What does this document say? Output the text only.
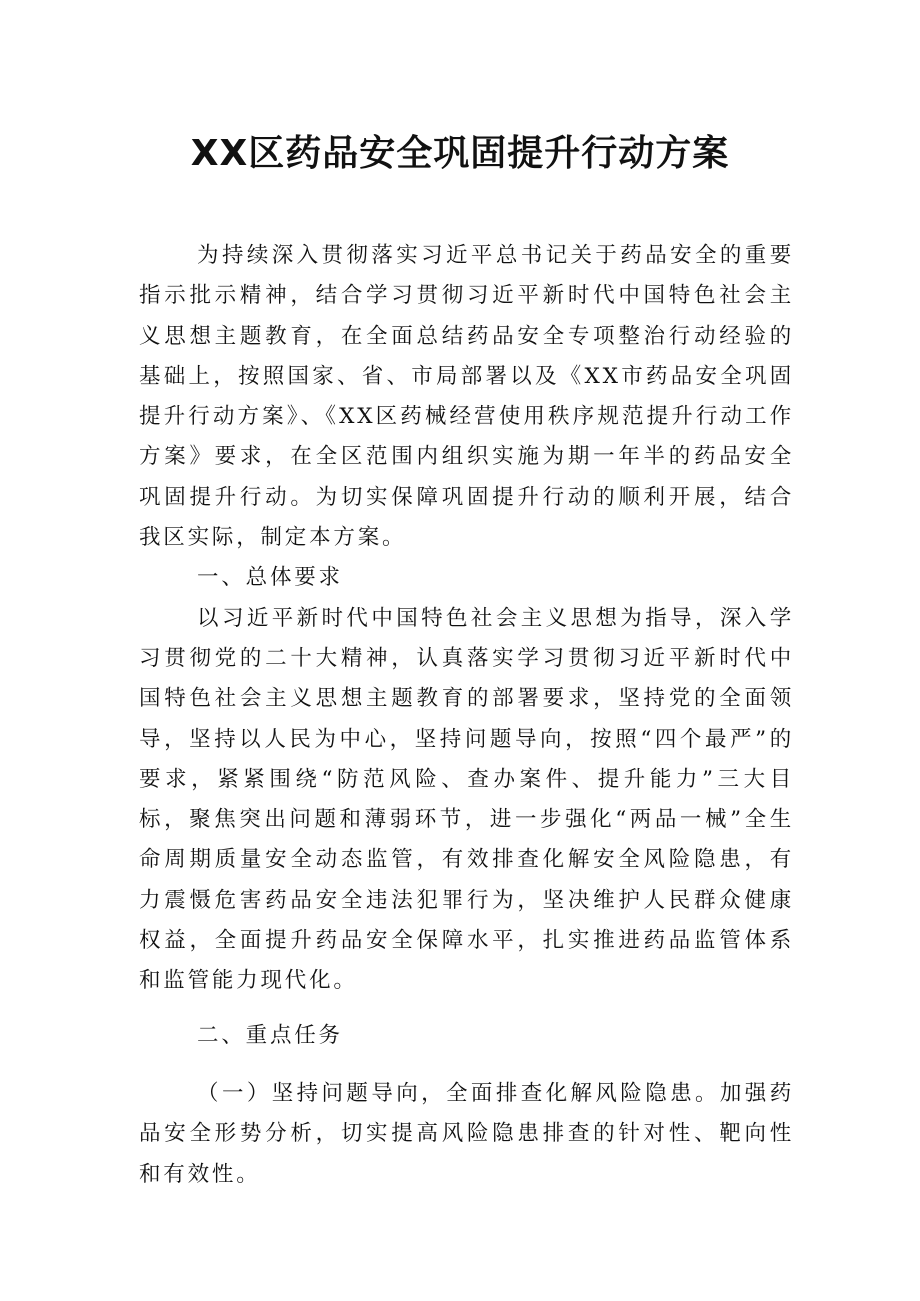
XX区药品安全巩固提升行动方案

为持续深入贯彻落实习近平总书记关于药品安全的重要指示批示精神，结合学习贯彻习近平新时代中国特色社会主义思想主题教育，在全面总结药品安全专项整治行动经验的基础上，按照国家、省、市局部署以及《XX市药品安全巩固提升行动方案》、《XX区药械经营使用秩序规范提升行动工作方案》要求，在全区范围内组织实施为期一年半的药品安全巩固提升行动。为切实保障巩固提升行动的顺利开展，结合我区实际，制定本方案。

一、总体要求

以习近平新时代中国特色社会主义思想为指导，深入学习贯彻党的二十大精神，认真落实学习贯彻习近平新时代中国特色社会主义思想主题教育的部署要求，坚持党的全面领导，坚持以人民为中心，坚持问题导向，按照“四个最严”的要求，紧紧围绕“防范风险、查办案件、提升能力”三大目标，聚焦突出问题和薄弱环节，进一步强化“两品一械”全生命周期质量安全动态监管，有效排查化解安全风险隐患，有力震慑危害药品安全违法犯罪行为，坚决维护人民群众健康权益，全面提升药品安全保障水平，扎实推进药品监管体系和监管能力现代化。

二、重点任务

（一）坚持问题导向，全面排查化解风险隐患。加强药品安全形势分析，切实提高风险隐患排查的针对性、靶向性和有效性。
